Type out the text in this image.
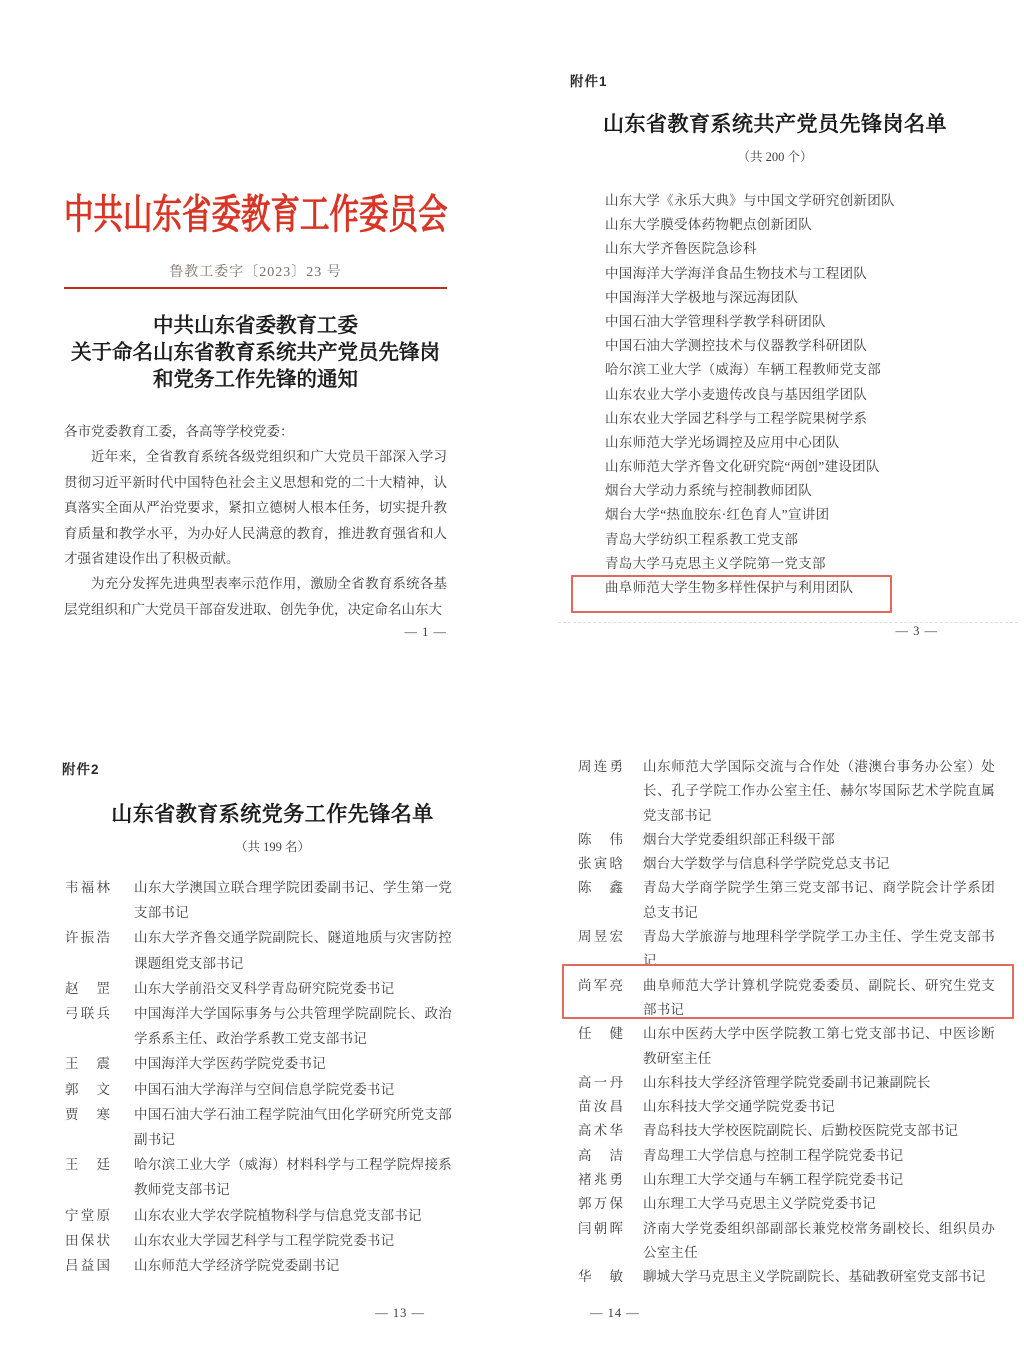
中共山东省委教育工作委员会
鲁教工委字〔2023〕23 号
中共山东省委教育工委
关于命名山东省教育系统共产党员先锋岗
和党务工作先锋的通知
各市党委教育工委，各高等学校党委：

近年来，全省教育系统各级党组织和广大党员干部深入学习贯彻习近平新时代中国特色社会主义思想和党的二十大精神，认真落实全面从严治党要求，紧扣立德树人根本任务，切实提升教育质量和教学水平，为办好人民满意的教育，推进教育强省和人才强省建设作出了积极贡献。

为充分发挥先进典型表率示范作用，激励全省教育系统各基层党组织和广大党员干部奋发进取、创先争优，决定命名山东大

— 1 —
附件1
山东省教育系统共产党员先锋岗名单
（共 200 个）
山东大学《永乐大典》与中国文学研究创新团队
山东大学膜受体药物靶点创新团队
山东大学齐鲁医院急诊科
中国海洋大学海洋食品生物技术与工程团队
中国海洋大学极地与深远海团队
中国石油大学管理科学教学科研团队
中国石油大学测控技术与仪器教学科研团队
哈尔滨工业大学（威海）车辆工程教师党支部
山东农业大学小麦遗传改良与基因组学团队
山东农业大学园艺科学与工程学院果树学系
山东师范大学光场调控及应用中心团队
山东师范大学齐鲁文化研究院“两创”建设团队
烟台大学动力系统与控制教师团队
烟台大学“热血胶东·红色育人”宣讲团
青岛大学纺织工程系教工党支部
青岛大学马克思主义学院第一党支部
曲阜师范大学生物多样性保护与利用团队
— 3 —
附件2
山东省教育系统党务工作先锋名单
（共 199 名）
韦福林 山东大学澳国立联合理学院团委副书记、学生第一党支部书记
许振浩 山东大学齐鲁交通学院副院长、隧道地质与灾害防控课题组党支部书记
赵　罡 山东大学前沿交叉科学青岛研究院党委书记
弓联兵 中国海洋大学国际事务与公共管理学院副院长、政治学系系主任、政治学系教工党支部书记
王　震 中国海洋大学医药学院党委书记
郭　文 中国石油大学海洋与空间信息学院党委书记
贾　寒 中国石油大学石油工程学院油气田化学研究所党支部副书记
王　廷 哈尔滨工业大学（威海）材料科学与工程学院焊接系教师党支部书记
宁堂原 山东农业大学农学院植物科学与信息党支部书记
田保状 山东农业大学园艺科学与工程学院党委书记
吕益国 山东师范大学经济学院党委副书记
— 13 —
周连勇 山东师范大学国际交流与合作处（港澳台事务办公室）处长、孔子学院工作办公室主任、赫尔岑国际艺术学院直属党支部书记
陈　伟 烟台大学党委组织部正科级干部
张寅晗 烟台大学数学与信息科学学院党总支书记
陈　鑫 青岛大学商学院学生第三党支部书记、商学院会计学系团总支书记
周昱宏 青岛大学旅游与地理科学学院学工办主任、学生党支部书记
尚军亮 曲阜师范大学计算机学院党委委员、副院长、研究生党支部书记
任　健 山东中医药大学中医学院教工第七党支部书记、中医诊断教研室主任
高一丹 山东科技大学经济管理学院党委副书记兼副院长
苗汝昌 山东科技大学交通学院党委书记
高术华 青岛科技大学校医院副院长、后勤校医院党支部书记
高　洁 青岛理工大学信息与控制工程学院党委书记
褚兆勇 山东理工大学交通与车辆工程学院党委书记
郭万保 山东理工大学马克思主义学院党委书记
闫朝晖 济南大学党委组织部副部长兼党校常务副校长、组织员办公室主任
华　敏 聊城大学马克思主义学院副院长、基础教研室党支部书记
— 14 —
